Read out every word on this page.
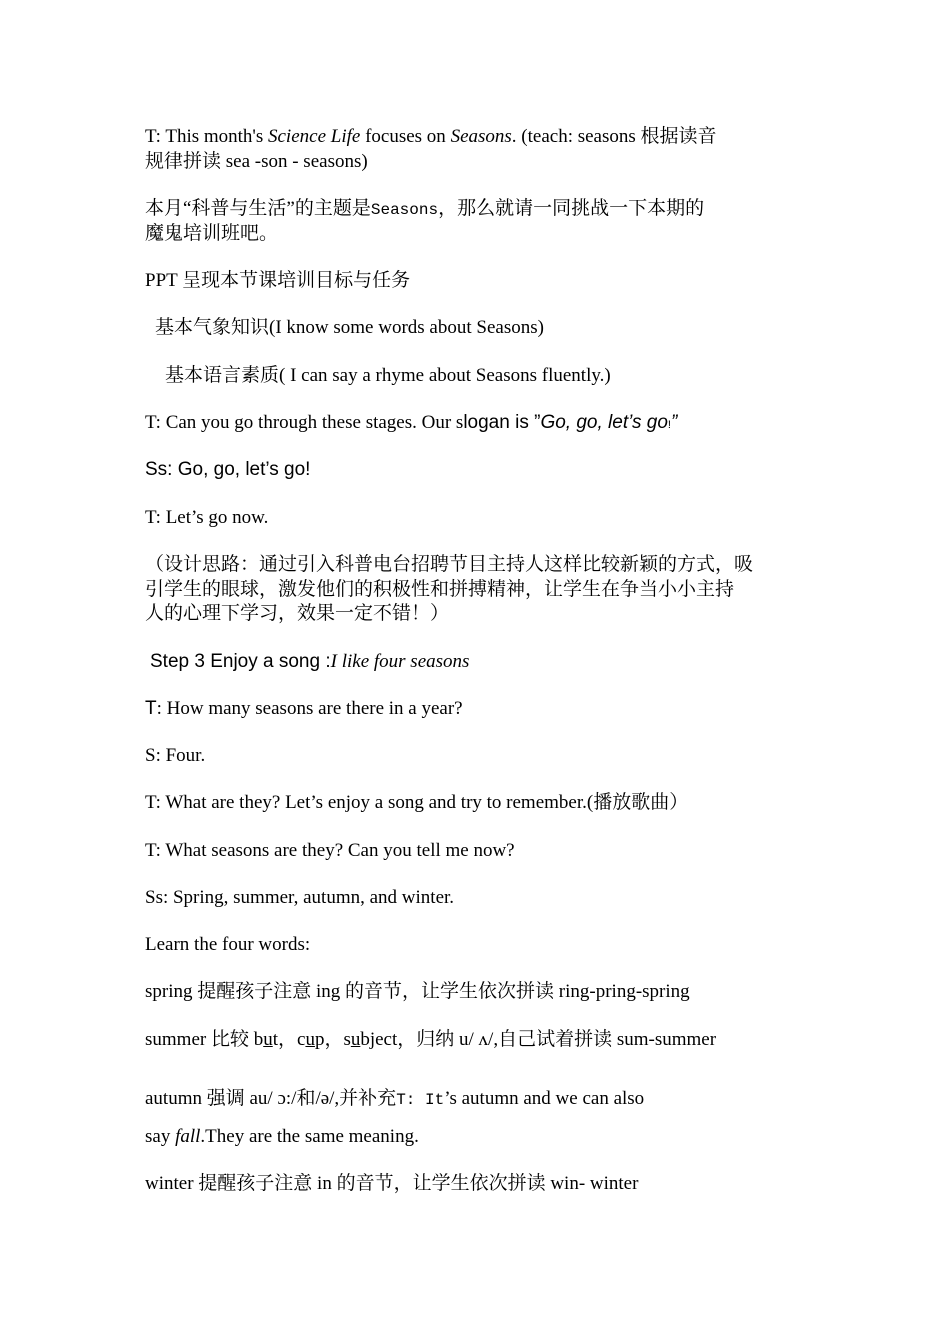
T: This month's Science Life focuses on Seasons. (teach: seasons 根据读音
规律拼读 sea -son - seasons)
本月“科普与生活”的主题是Seasons，那么就请一同挑战一下本期的
魔鬼培训班吧。
PPT 呈现本节课培训目标与任务
基本气象知识(I know some words about Seasons)
基本语言素质( I can say a rhyme about Seasons fluently.)
T: Can you go through these stages. Our slogan is ”Go, go, let’s go!”
Ss: Go, go, let’s go!
T: Let’s go now.
（设计思路：通过引入科普电台招聘节目主持人这样比较新颖的方式，吸
引学生的眼球，激发他们的积极性和拼搏精神，让学生在争当小小主持
人的心理下学习，效果一定不错！）
Step 3 Enjoy a song :I like four seasons
T: How many seasons are there in a year?
S: Four.
T: What are they? Let’s enjoy a song and try to remember.(播放歌曲）
T: What seasons are they? Can you tell me now?
Ss: Spring, summer, autumn, and winter.
Learn the four words:
spring 提醒孩子注意 ing 的音节，让学生依次拼读 ring-pring-spring
summer 比较 but，cup，subject，归纳 u/ ʌ/,自己试着拼读 sum-summer
autumn 强调 au/ ɔ:/和/ə/,并补充T: It’s autumn and we can also
say fall.They are the same meaning.
winter 提醒孩子注意 in 的音节，让学生依次拼读 win- winter
